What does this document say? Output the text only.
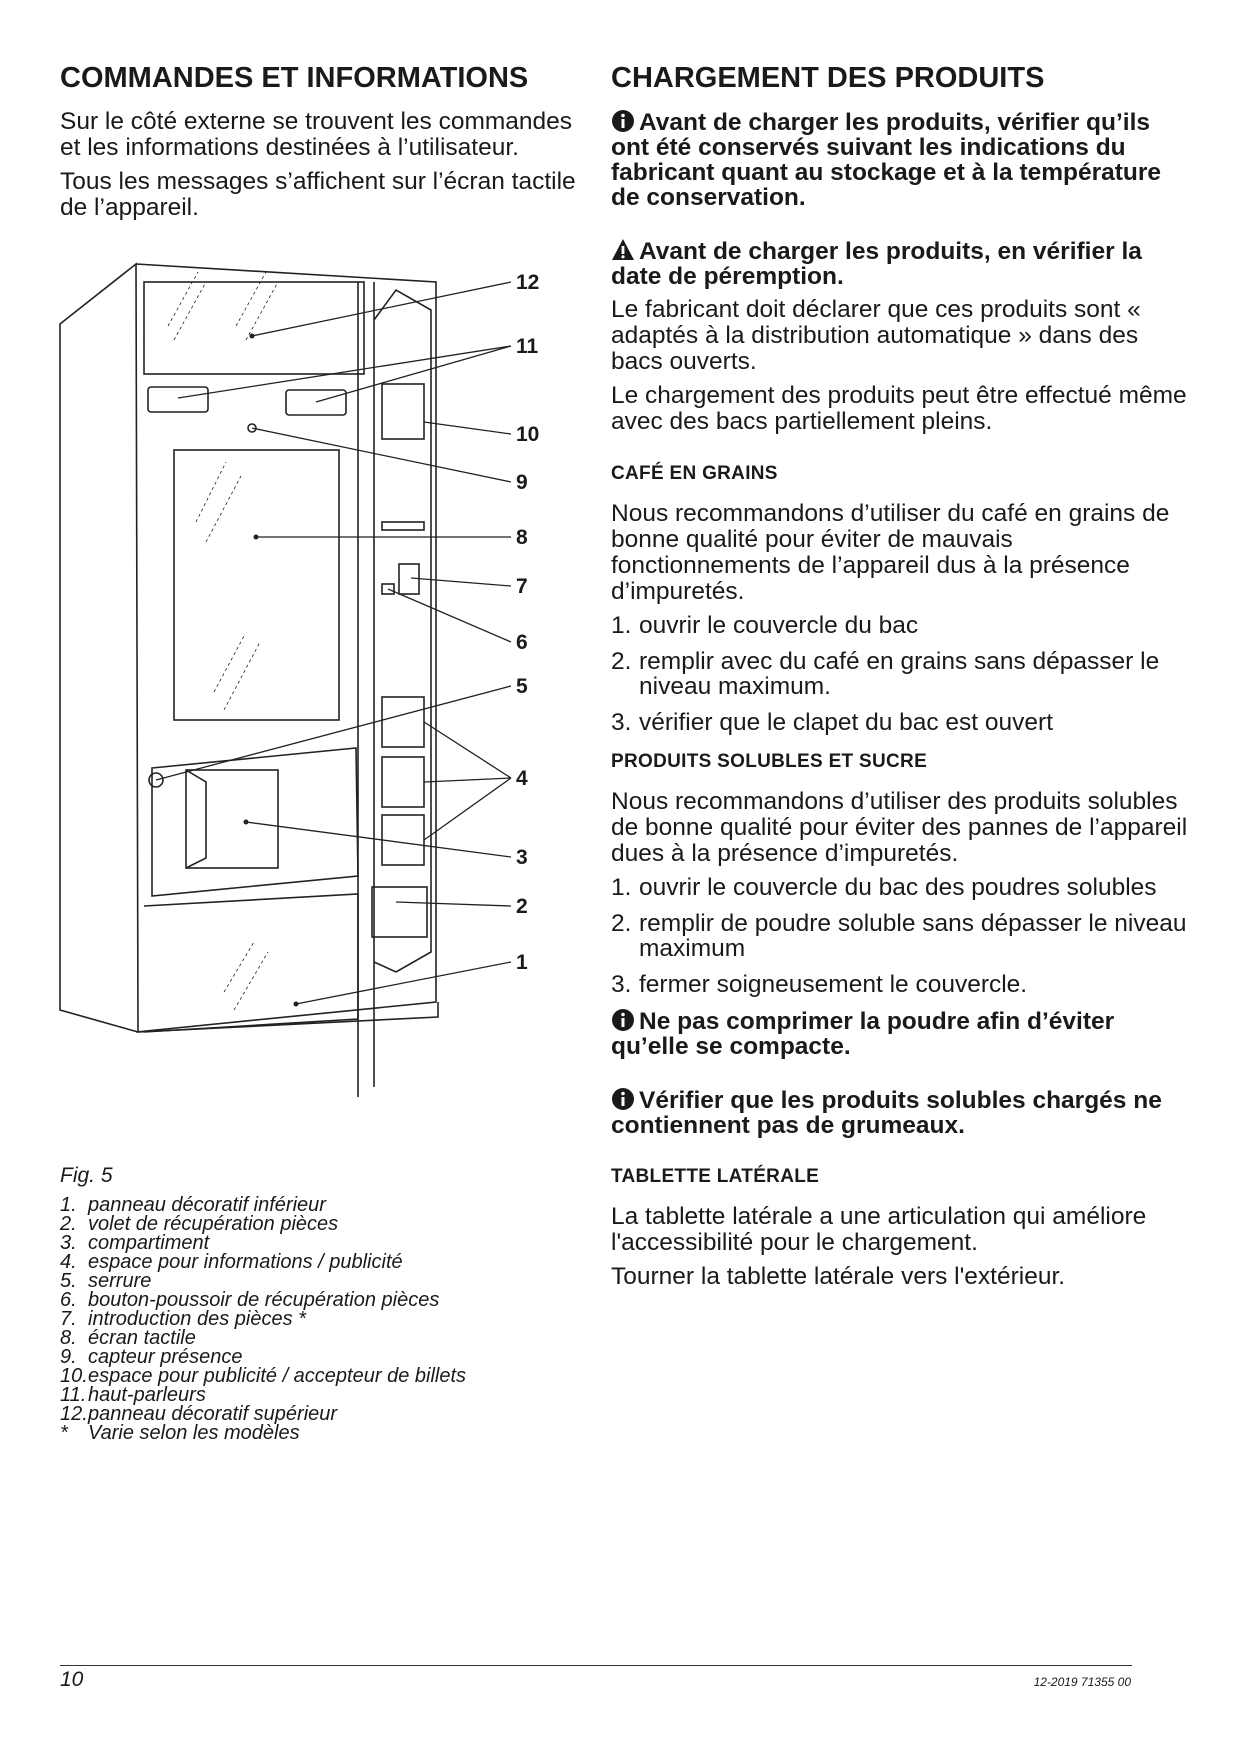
COMMANDES ET INFORMATIONS

Sur le côté externe se trouvent les commandes et les informations destinées à l’utilisateur.

Tous les messages s’affichent sur l’écran tactile de l’appareil.

12
11
10
9
8
7
6
5
4
3
2
1
Fig. 5
1. panneau décoratif inférieur
2. volet de récupération pièces
3. compartiment
4. espace pour informations / publicité
5. serrure
6. bouton-poussoir de récupération pièces
7. introduction des pièces *
8. écran tactile
9. capteur présence
10.espace pour publicité / accepteur de billets
11.haut-parleurs
12.panneau décoratif supérieur
* Varie selon les modèles
CHARGEMENT DES PRODUITS

Avant de charger les produits, vérifier qu’ils ont été conservés suivant les indications du fabricant quant au stockage et à la température de conservation.

Avant de charger les produits, en vérifier la date de péremption.

Le fabricant doit déclarer que ces produits sont « adaptés à la distribution automatique » dans des bacs ouverts.

Le chargement des produits peut être effectué même avec des bacs partiellement pleins.

CAFÉ EN GRAINS

Nous recommandons d’utiliser du café en grains de bonne qualité pour éviter de mauvais fonctionnements de l’appareil dus à la présence d’impuretés.

1. ouvrir le couvercle du bac
2. remplir avec du café en grains sans dépasser le niveau maximum.
3. vérifier que le clapet du bac est ouvert
PRODUITS SOLUBLES ET SUCRE

Nous recommandons d’utiliser des produits solubles de bonne qualité pour éviter des pannes de l’appareil dues à la présence d’impuretés.

1. ouvrir le couvercle du bac des poudres solubles
2. remplir de poudre soluble sans dépasser le niveau maximum
3. fermer soigneusement le couvercle.

Ne pas comprimer la poudre afin d’éviter qu’elle se compacte.

Vérifier que les produits solubles chargés ne contiennent pas de grumeaux.

TABLETTE LATÉRALE

La tablette latérale a une articulation qui améliore l'accessibilité pour le chargement.

Tourner la tablette latérale vers l'extérieur.

10	12-2019 71355 00
